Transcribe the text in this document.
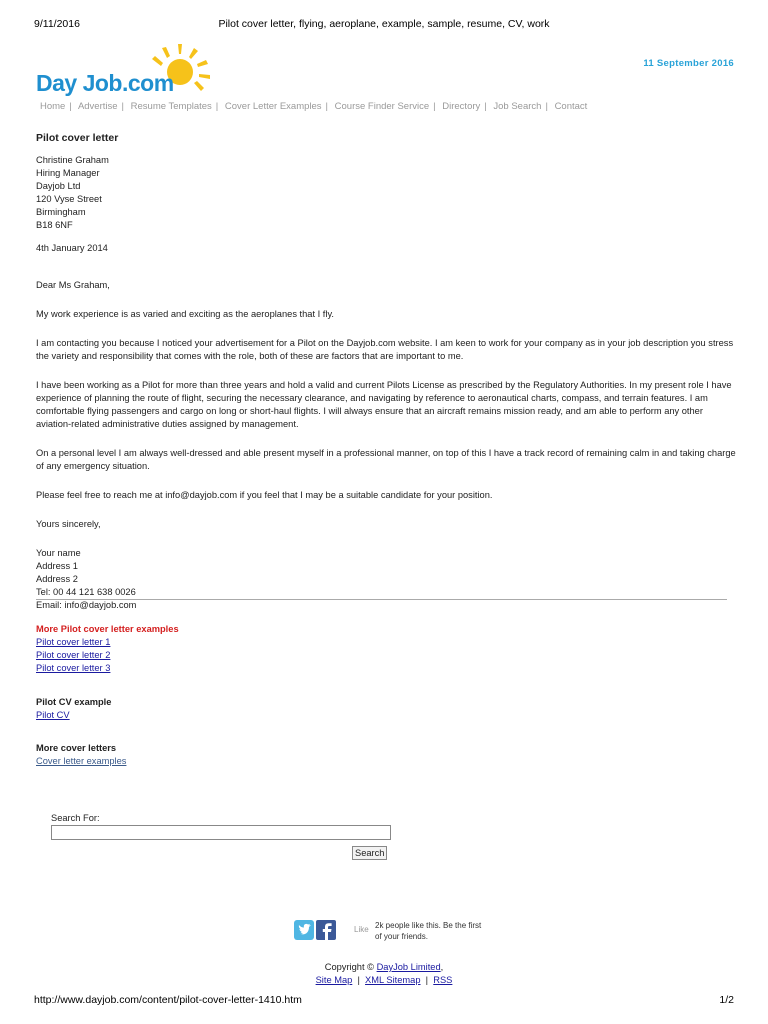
9/11/2016	Pilot cover letter, flying, aeroplane, example, sample, resume, CV, work
Day Job.com
11 September 2016
Home | Advertise | Resume Templates | Cover Letter Examples | Course Finder Service | Directory | Job Search | Contact
Pilot cover letter

Christine Graham

Hiring Manager

Dayjob Ltd

120 Vyse Street

Birmingham

B18 6NF

4th January 2014

Dear Ms Graham,

My work experience is as varied and exciting as the aeroplanes that I fly.

I am contacting you because I noticed your advertisement for a Pilot on the Dayjob.com website. I am keen to work for your company as in your job description you stress the variety and responsibility that comes with the role, both of these are factors that are important to me.

I have been working as a Pilot for more than three years and hold a valid and current Pilots License as prescribed by the Regulatory Authorities. In my present role I have experience of planning the route of flight, securing the necessary clearance, and navigating by reference to aeronautical charts, compass, and terrain features. I am comfortable flying passengers and cargo on long or short-haul flights. I will always ensure that an aircraft remains mission ready, and am able to perform any other aviation-related administrative duties assigned by management.

On a personal level I am always well-dressed and able present myself in a professional manner, on top of this I have a track record of remaining calm in and taking charge of any emergency situation.

Please feel free to reach me at info@dayjob.com if you feel that I may be a suitable candidate for your position.

Yours sincerely,

Your name

Address 1

Address 2

Tel: 00 44 121 638 0026

Email: info@dayjob.com

More Pilot cover letter examples
Pilot cover letter 1
Pilot cover letter 2
Pilot cover letter 3
Pilot CV example
Pilot CV
More cover letters
Cover letter examples
Search For:
Search
Like 2k people like this. Be the first of your friends.
Copyright © DayJob Limited,
Site Map  |  XML Sitemap  |  RSS
http://www.dayjob.com/content/pilot-cover-letter-1410.htm	1/2
